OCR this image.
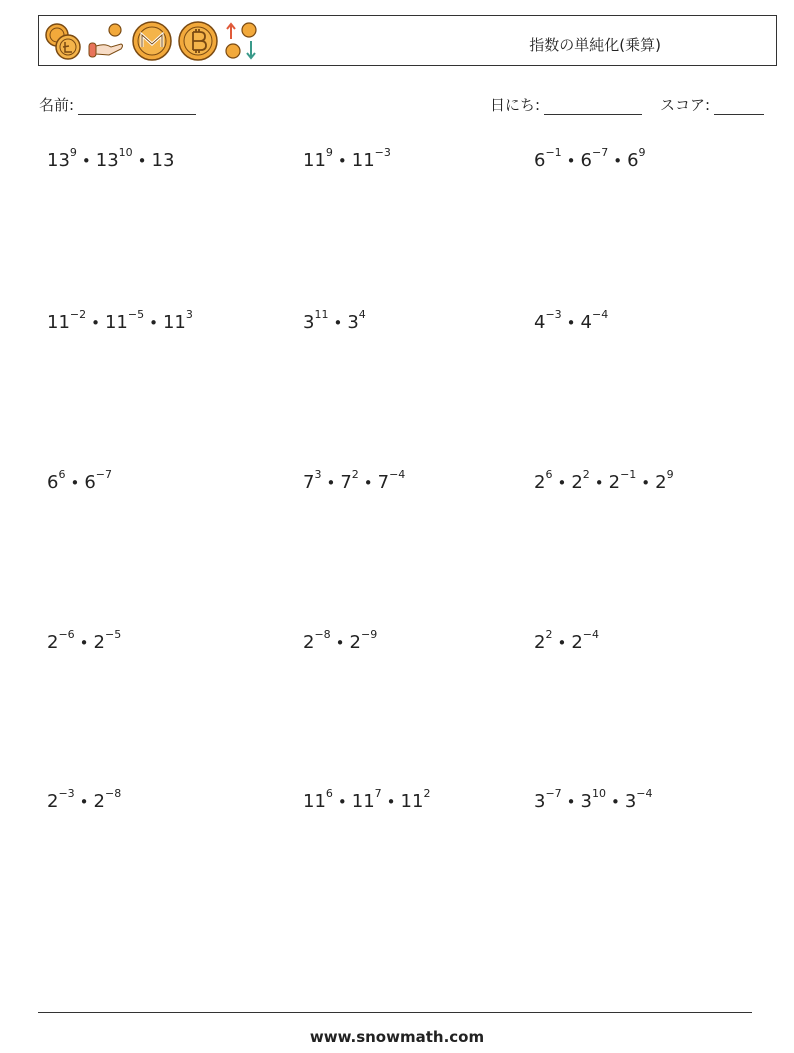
指数の単純化(乗算)
名前:	日にち:	スコア:
$13^9$ • $13^{10}$ • 13	$11^9$ • $11^{-3}$	$6^{-1}$ • $6^{-7}$ • $6^9$
$11^{-2}$ • $11^{-5}$ • $11^3$	$3^{11}$ • $3^4$	$4^{-3}$ • $4^{-4}$
$6^6$ • $6^{-7}$	$7^3$ • $7^2$ • $7^{-4}$	$2^6$ • $2^2$ • $2^{-1}$ • $2^9$
$2^{-6}$ • $2^{-5}$	$2^{-8}$ • $2^{-9}$	$2^2$ • $2^{-4}$
$2^{-3}$ • $2^{-8}$	$11^6$ • $11^7$ • $11^2$	$3^{-7}$ • $3^{10}$ • $3^{-4}$
www.snowmath.com
